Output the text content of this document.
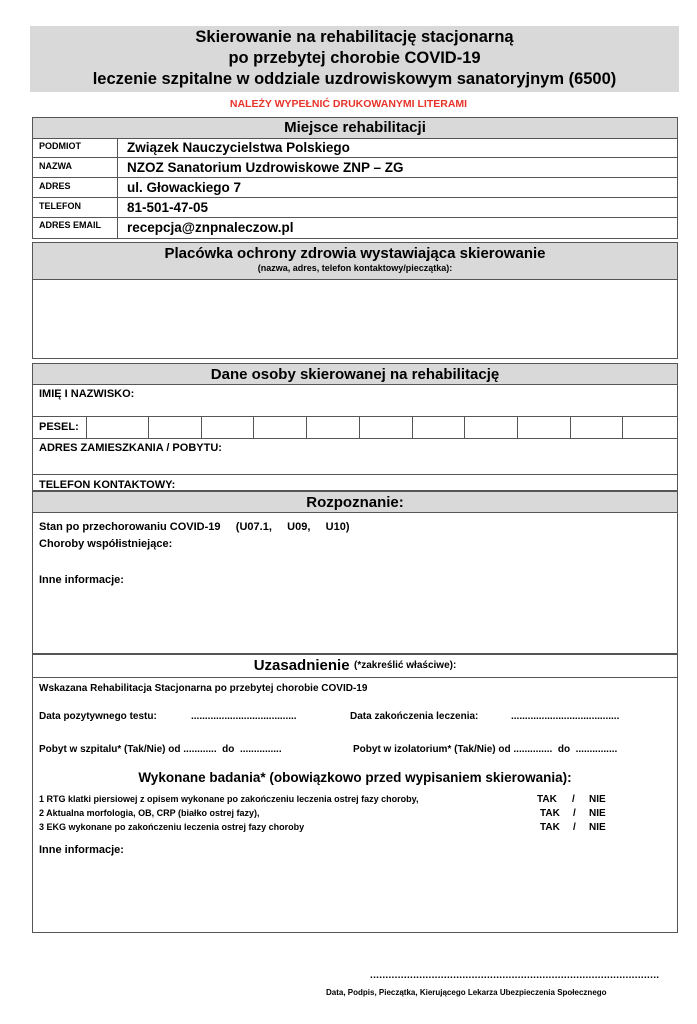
Skierowanie na rehabilitację stacjonarną
po przebytej chorobie COVID-19
leczenie szpitalne w oddziale uzdrowiskowym sanatoryjnym (6500)
NALEŻY WYPEŁNIĆ DRUKOWANYMI LITERAMI
Miejsce rehabilitacji
PODMIOT	Związek Nauczycielstwa Polskiego
NAZWA	NZOZ Sanatorium Uzdrowiskowe ZNP – ZG
ADRES	ul. Głowackiego 7
TELEFON	81-501-47-05
ADRES EMAIL recepcja@znpnaleczow.pl
Placówka ochrony zdrowia wystawiająca skierowanie
(nazwa, adres, telefon kontaktowy/pieczątka):
Dane osoby skierowanej na rehabilitację
IMIĘ I NAZWISKO:
PESEL:
ADRES ZAMIESZKANIA / POBYTU:
TELEFON KONTAKTOWY:
Rozpoznanie:
Stan po przechorowaniu COVID-19     (U07.1,     U09,     U10)
Choroby współistniejące:
Inne informacje:
Uzasadnienie (*zakreślić właściwe):
Wskazana Rehabilitacja Stacjonarna po przebytej chorobie COVID-19
Data pozytywnego testu:	......................................	Data zakończenia leczenia:	.......................................
Pobyt w szpitalu* (Tak/Nie) od ............  do  ...............	Pobyt w izolatorium* (Tak/Nie) od ..............  do  ...............
Wykonane badania* (obowiązkowo przed wypisaniem skierowania):
1 RTG klatki piersiowej z opisem wykonane po zakończeniu leczenia ostrej fazy choroby,	TAK / NIE
2 Aktualna morfologia, OB, CRP (białko ostrej fazy),	TAK / NIE
3 EKG wykonane po zakończeniu leczenia ostrej fazy choroby	TAK / NIE
Inne informacje:
..............................................................................................
Data, Podpis, Pieczątka, Kierującego Lekarza Ubezpieczenia Społecznego
